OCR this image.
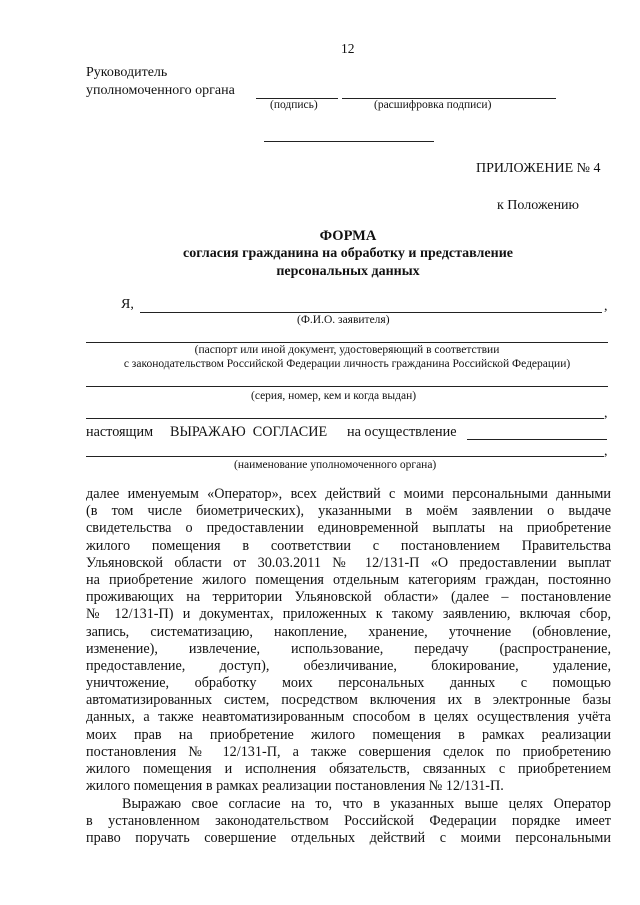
12
Руководитель
уполномоченного органа
(подпись)	(расшифровка подписи)
ПРИЛОЖЕНИЕ № 4
к Положению
ФОРМА
согласия гражданина на обработку и представление
персональных данных
Я,	,
(Ф.И.О. заявителя)
(паспорт или иной документ, удостоверяющий в соответствии
с законодательством Российской Федерации личность гражданина Российской Федерации)
(серия, номер, кем и когда выдан)
,
настоящим ВЫРАЖАЮ  СОГЛАСИЕ на осуществление
,
(наименование уполномоченного органа)
далее именуемым «Оператор», всех действий с моими персональными данными
(в том числе биометрических), указанными в моём заявлении о выдаче
свидетельства о предоставлении единовременной выплаты на приобретение
жилого помещения в соответствии с постановлением Правительства
Ульяновской области от 30.03.2011 № 12/131-П «О предоставлении выплат
на приобретение жилого помещения отдельным категориям граждан, постоянно
проживающих на территории Ульяновской области» (далее – постановление
№ 12/131-П) и документах, приложенных к такому заявлению, включая сбор,
запись, систематизацию, накопление, хранение, уточнение (обновление,
изменение), извлечение, использование, передачу (распространение,
предоставление, доступ), обезличивание, блокирование, удаление,
уничтожение, обработку моих персональных данных с помощью
автоматизированных систем, посредством включения их в электронные базы
данных, а также неавтоматизированным способом в целях осуществления учёта
моих прав на приобретение жилого помещения в рамках реализации
постановления № 12/131-П, а также совершения сделок по приобретению
жилого помещения и исполнения обязательств, связанных с приобретением
жилого помещения в рамках реализации постановления № 12/131-П.
Выражаю свое согласие на то, что в указанных выше целях Оператор
в установленном законодательством Российской Федерации порядке имеет
право поручать совершение отдельных действий с моими персональными
